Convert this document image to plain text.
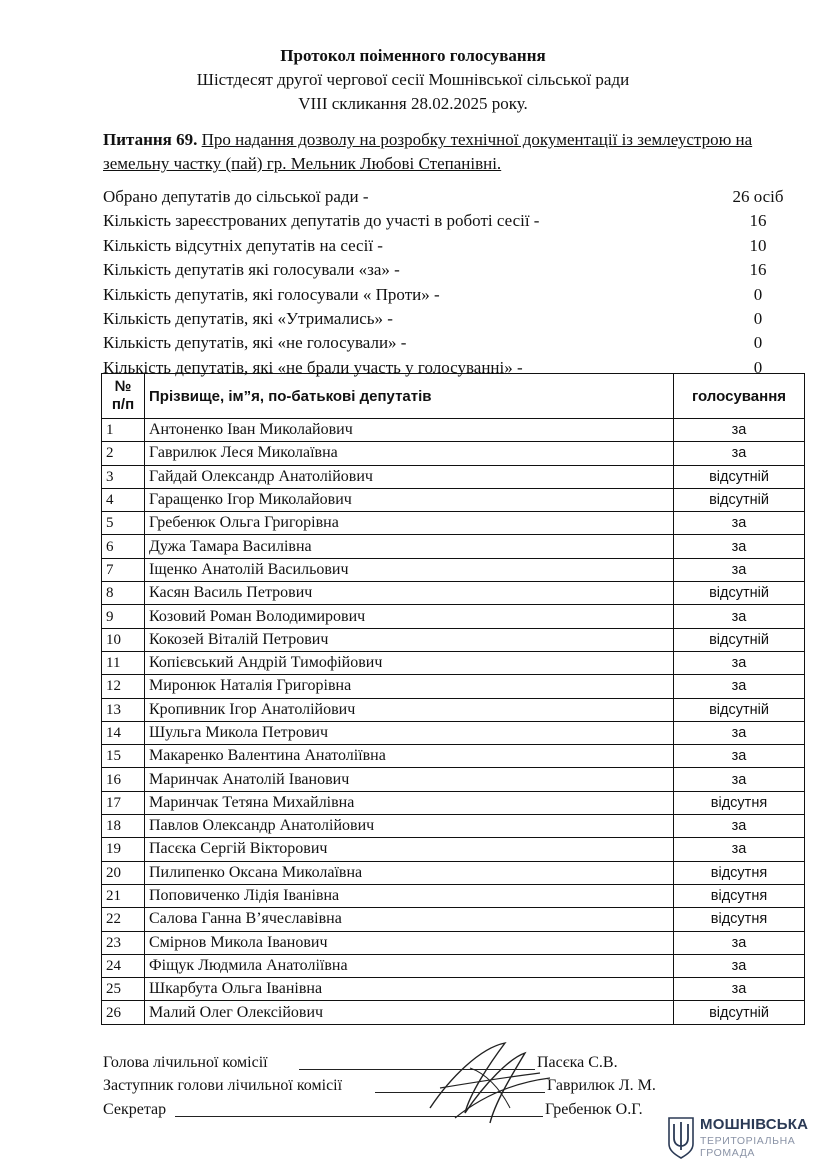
Протокол поіменного голосування
Шістдесят другої чергової сесії Мошнівської сільської ради
VIII скликання 28.02.2025 року.
Питання 69. Про надання дозволу на розробку технічної документації із землеустрою на земельну частку (пай) гр. Мельник Любові Степанівні.
Обрано депутатів до сільської ради -	26 осіб
Кількість зареєстрованих депутатів до участі в роботі сесії -	16
Кількість відсутніх депутатів на сесії -	10
Кількість депутатів які голосували «за» -	16
Кількість депутатів, які голосували « Проти» -	0
Кількість депутатів, які «Утримались» -	0
Кількість депутатів, які «не голосували» -	0
Кількість депутатів, які «не брали участь у голосуванні» -	0
№
п/п	Прізвище, ім”я, по-батькові депутатів	голосування
1	Антоненко Іван Миколайович	за
2	Гаврилюк Леся Миколаївна	за
3	Гайдай Олександр Анатолійович	відсутній
4	Гаращенко Ігор Миколайович	відсутній
5	Гребенюк Ольга Григорівна	за
6	Дужа Тамара Василівна	за
7	Іщенко Анатолій Васильович	за
8	Касян Василь Петрович	відсутній
9	Козовий Роман Володимирович	за
10	Кокозей Віталій Петрович	відсутній
11	Копієвський Андрій Тимофійович	за
12	Миронюк Наталія Григорівна	за
13	Кропивник Ігор Анатолійович	відсутній
14	Шульга Микола Петрович	за
15	Макаренко Валентина Анатоліївна	за
16	Маринчак Анатолій Іванович	за
17	Маринчак Тетяна Михайлівна	відсутня
18	Павлов Олександр Анатолійович	за
19	Пасєка Сергій Вікторович	за
20	Пилипенко Оксана Миколаївна	відсутня
21	Поповиченко Лідія Іванівна	відсутня
22	Салова Ганна В’ячеславівна	відсутня
23	Смірнов Микола Іванович	за
24	Фіщук Людмила Анатоліївна	за
25	Шкарбута Ольга Іванівна	за
26	Малий Олег Олексійович	відсутній
Голова лічильної комісії	Пасєка С.В.
Заступник голови лічильної комісії	Гаврилюк Л. М.
Секретар	Гребенюк О.Г.
МОШНІВСЬКА
ТЕРИТОРІАЛЬНА
ГРОМАДА
